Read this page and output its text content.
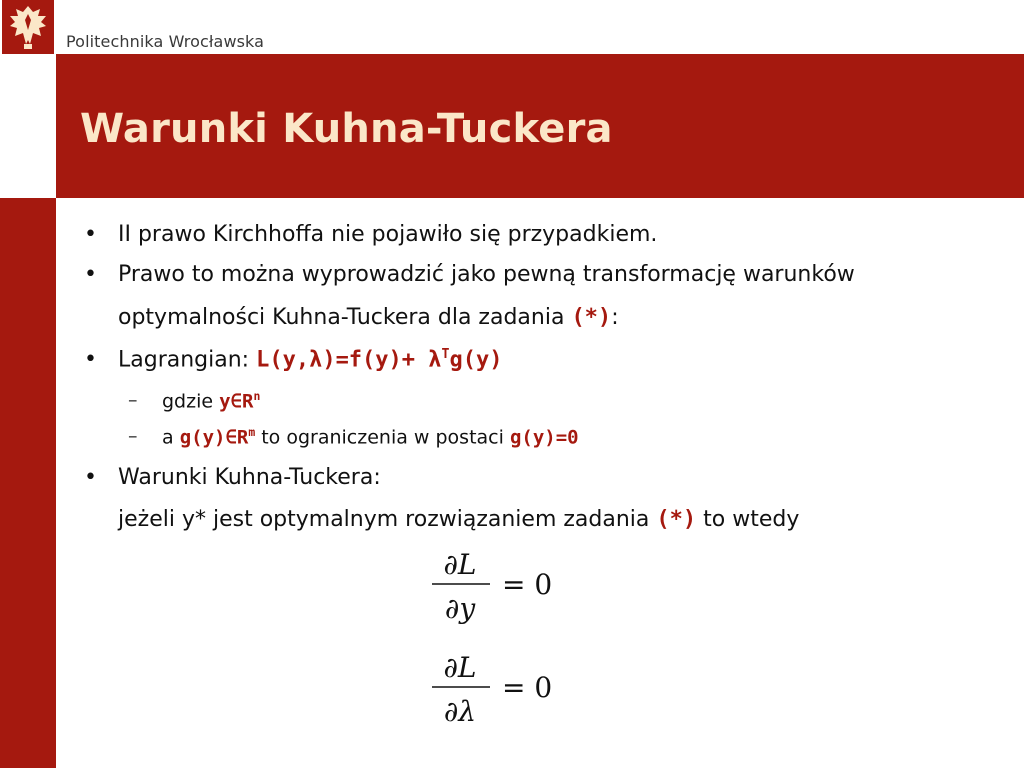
Politechnika Wrocławska
Warunki Kuhna-Tuckera
• II prawo Kirchhoffa nie pojawiło się przypadkiem.
• Prawo to można wyprowadzić jako pewną transformację warunków
optymalności Kuhna-Tuckera dla zadania (*):
• Lagrangian: $L(y,\lambda)=f(y)+ \lambda^Tg(y)$
– gdzie $y\in R^n$
– a $g(y)\in R^m$ to ograniczenia w postaci g(y)=0
• Warunki Kuhna-Tuckera:
jeżeli y* jest optymalnym rozwiązaniem zadania (*) to wtedy
∂L
∂y
= 0
∂L
∂λ
= 0
